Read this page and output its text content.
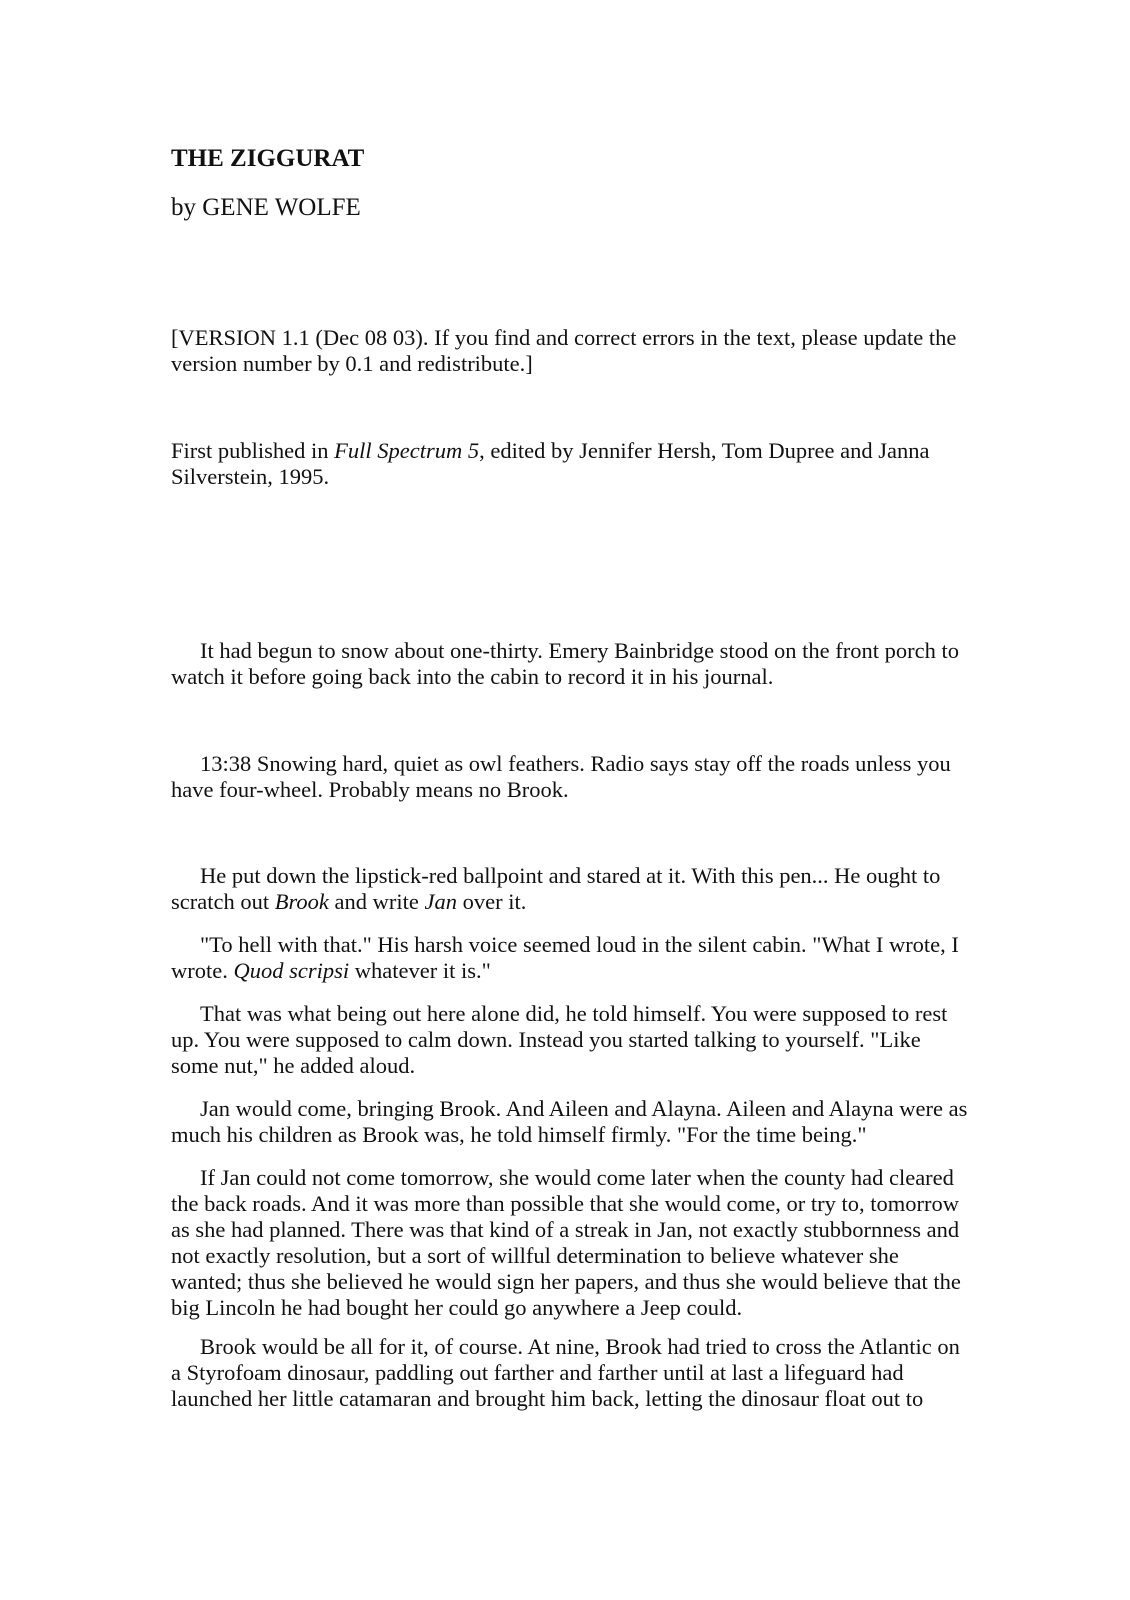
THE ZIGGURAT

by GENE WOLFE

[VERSION 1.1 (Dec 08 03). If you find and correct errors in the text, please update the version number by 0.1 and redistribute.]

First published in Full Spectrum 5, edited by Jennifer Hersh, Tom Dupree and Janna Silverstein, 1995.

It had begun to snow about one-thirty. Emery Bainbridge stood on the front porch to watch it before going back into the cabin to record it in his journal.

13:38 Snowing hard, quiet as owl feathers. Radio says stay off the roads unless you have four-wheel. Probably means no Brook.

He put down the lipstick-red ballpoint and stared at it. With this pen... He ought to scratch out Brook and write Jan over it.

"To hell with that." His harsh voice seemed loud in the silent cabin. "What I wrote, I wrote. Quod scripsi whatever it is."

That was what being out here alone did, he told himself. You were supposed to rest up. You were supposed to calm down. Instead you started talking to yourself. "Like some nut," he added aloud.

Jan would come, bringing Brook. And Aileen and Alayna. Aileen and Alayna were as much his children as Brook was, he told himself firmly. "For the time being."

If Jan could not come tomorrow, she would come later when the county had cleared the back roads. And it was more than possible that she would come, or try to, tomorrow as she had planned. There was that kind of a streak in Jan, not exactly stubbornness and not exactly resolution, but a sort of willful determination to believe whatever she wanted; thus she believed he would sign her papers, and thus she would believe that the big Lincoln he had bought her could go anywhere a Jeep could.

Brook would be all for it, of course. At nine, Brook had tried to cross the Atlantic on a Styrofoam dinosaur, paddling out farther and farther until at last a lifeguard had launched her little catamaran and brought him back, letting the dinosaur float out to
